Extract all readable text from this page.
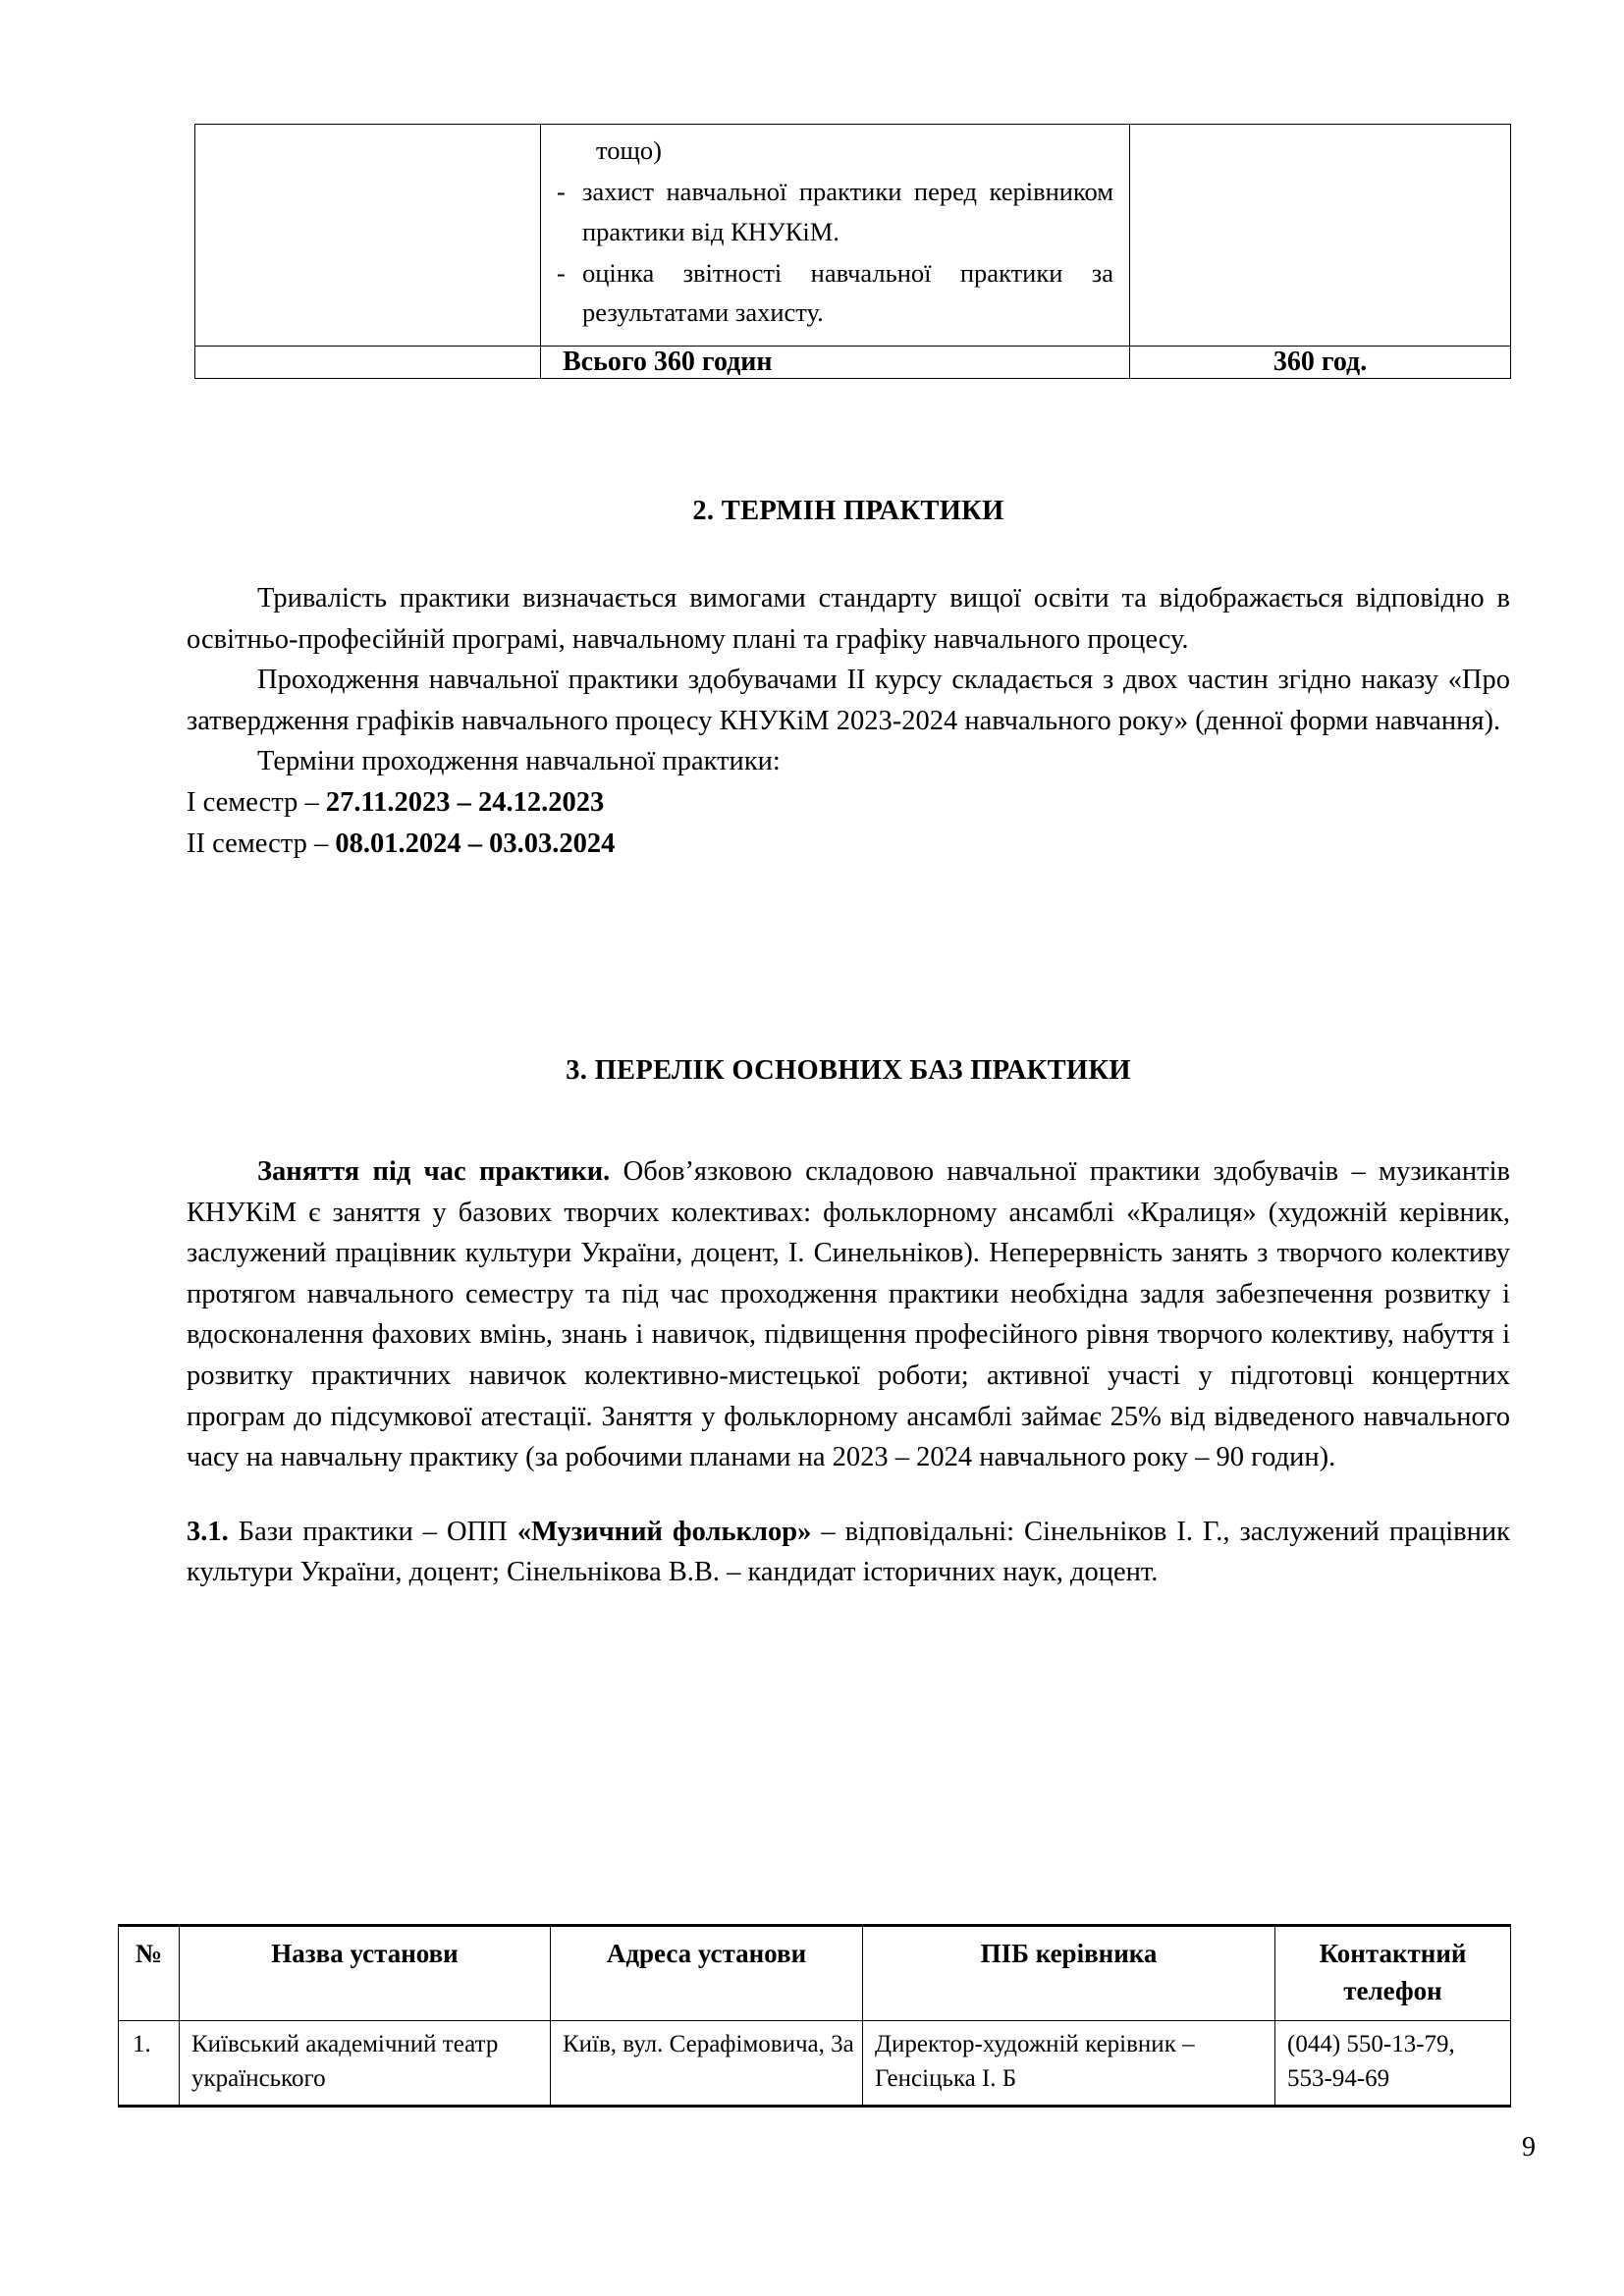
	тощо)
- захист навчальної практики перед керівником практики від КНУКіМ.
- оцінка звітності навчальної практики за результатами захисту.	

	Всього 360 годин	360 год.
2. ТЕРМІН ПРАКТИКИ

Тривалість практики визначається вимогами стандарту вищої освіти та відображається відповідно в освітньо-професійній програмі, навчальному плані та графіку навчального процесу.

Проходження навчальної практики здобувачами ІІ курсу складається з двох частин згідно наказу «Про затвердження графіків навчального процесу КНУКіМ 2023-2024 навчального року» (денної форми навчання).

Терміни проходження навчальної практики:

І семестр – 27.11.2023 – 24.12.2023
ІІ семестр – 08.01.2024 – 03.03.2024
3. ПЕРЕЛІК ОСНОВНИХ БАЗ ПРАКТИКИ

Заняття під час практики. Обов’язковою складовою навчальної практики здобувачів – музикантів КНУКіМ є заняття у базових творчих колективах: фольклорному ансамблі «Кралиця» (художній керівник, заслужений працівник культури України, доцент, І. Синельніков). Неперервність занять з творчого колективу протягом навчального семестру та під час проходження практики необхідна задля забезпечення розвитку і вдосконалення фахових вмінь, знань і навичок, підвищення професійного рівня творчого колективу, набуття і розвитку практичних навичок колективно-мистецької роботи; активної участі у підготовці концертних програм до підсумкової атестації. Заняття у фольклорному ансамблі займає 25% від відведеного навчального часу на навчальну практику (за робочими планами на 2023 – 2024 навчального року – 90 годин).

3.1. Бази практики – ОПП «Музичний фольклор» – відповідальні: Сінельніков І. Г., заслужений працівник культури України, доцент; Сінельнікова В.В. – кандидат історичних наук, доцент.

№	Назва установи	Адреса установи	ПІБ керівника	Контактний телефон
1.	Київський академічний театр українського	Київ, вул. Серафімовича, 3а	Директор-художній керівник – Генсіцька І. Б	(044) 550-13-79, 553-94-69
9
